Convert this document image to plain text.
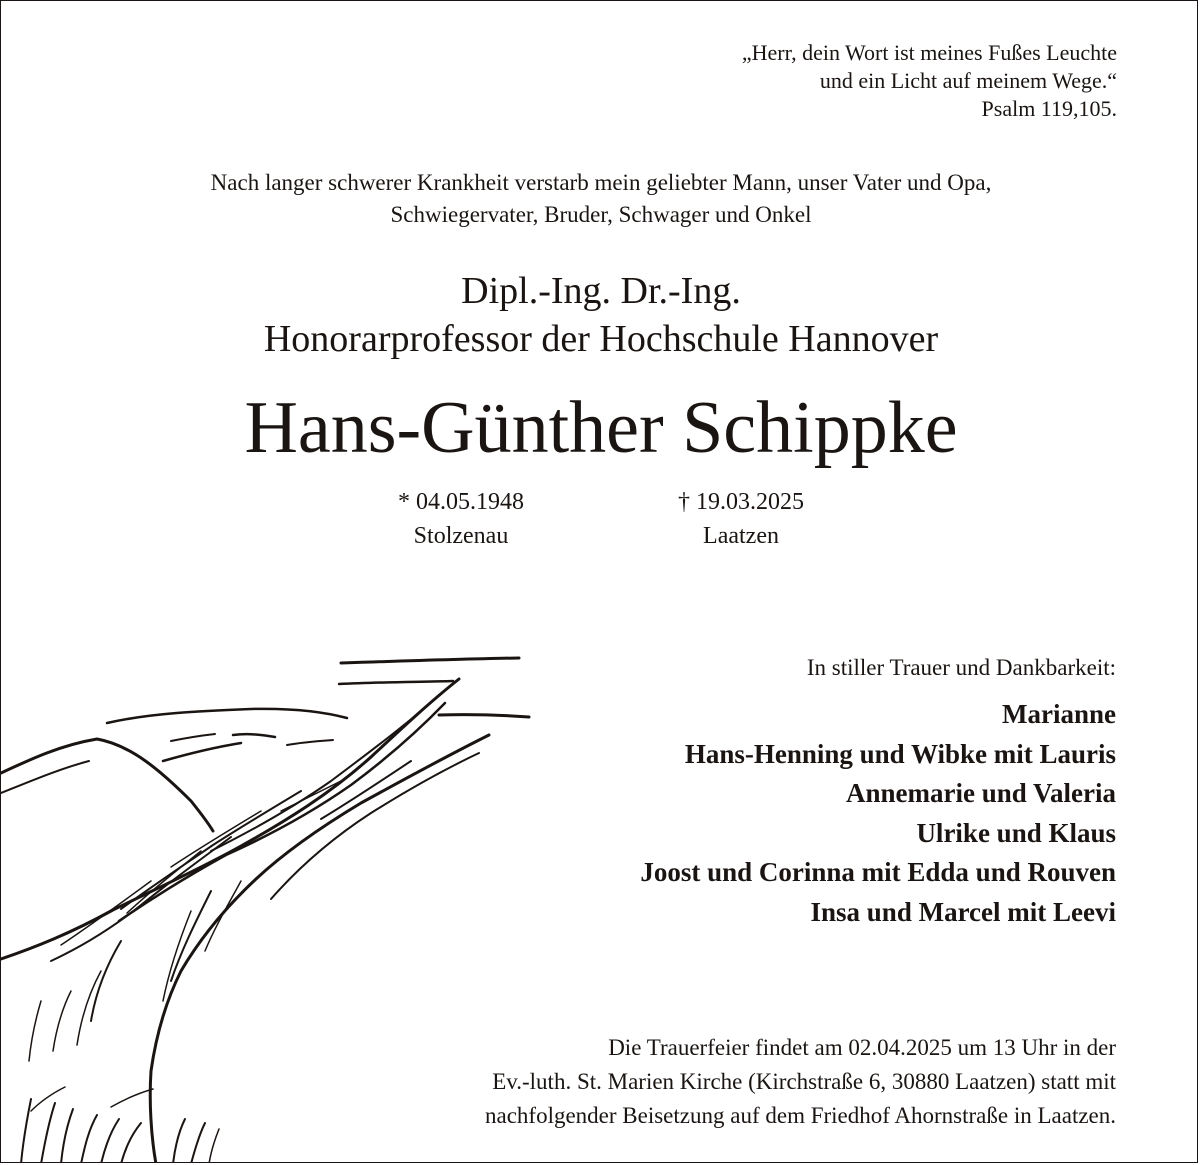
„Herr, dein Wort ist meines Fußes Leuchte
und ein Licht auf meinem Wege.“
Psalm 119,105.
Nach langer schwerer Krankheit verstarb mein geliebter Mann, unser Vater und Opa,
Schwiegervater, Bruder, Schwager und Onkel
Dipl.-Ing. Dr.-Ing.
Honorarprofessor der Hochschule Hannover
Hans-Günther Schippke
* 04.05.1948
Stolzenau
† 19.03.2025
Laatzen
In stiller Trauer und Dankbarkeit:
Marianne
Hans-Henning und Wibke mit Lauris
Annemarie und Valeria
Ulrike und Klaus
Joost und Corinna mit Edda und Rouven
Insa und Marcel mit Leevi
Die Trauerfeier findet am 02.04.2025 um 13 Uhr in der
Ev.-luth. St. Marien Kirche (Kirchstraße 6, 30880 Laatzen) statt mit
nachfolgender Beisetzung auf dem Friedhof Ahornstraße in Laatzen.
